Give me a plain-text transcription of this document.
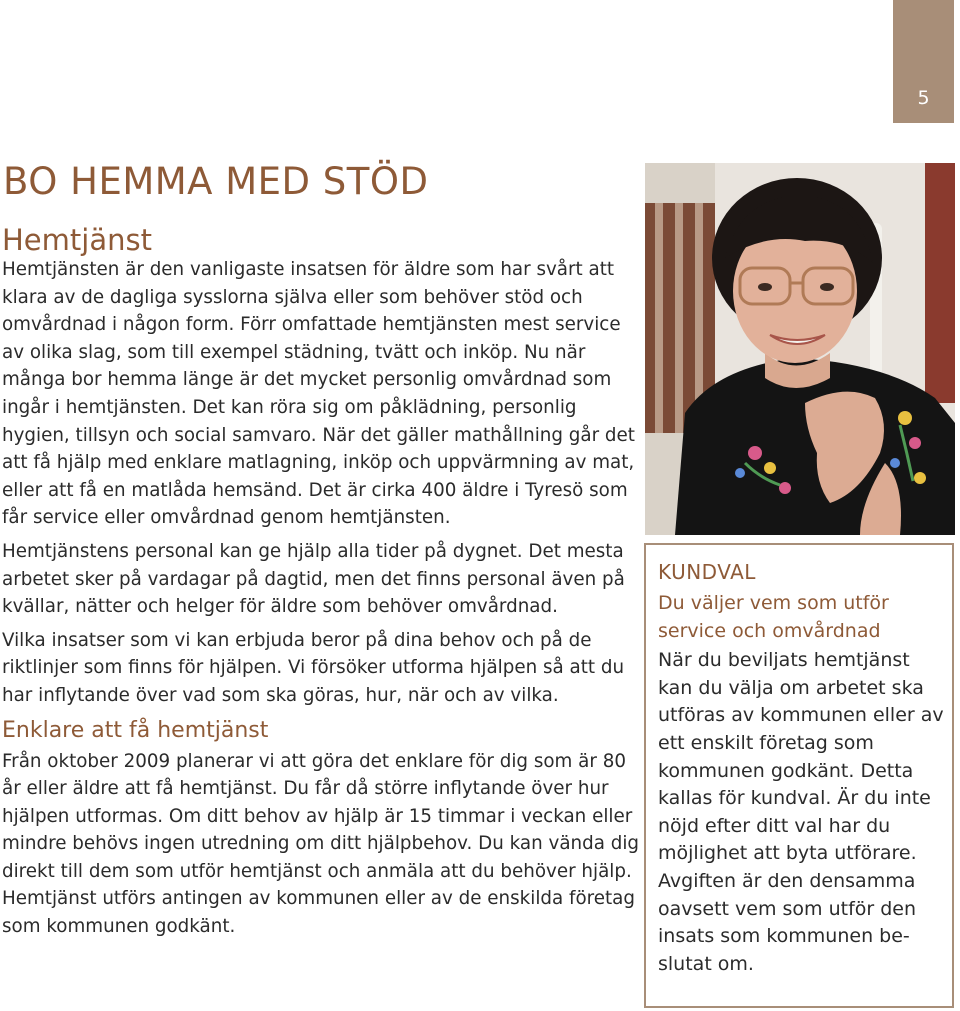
5
BO HEMMA MED STÖD
Hemtjänst

Hemtjänsten är den vanligaste insatsen för äldre som har svårt att klara av de dagliga sysslorna själva eller som behöver stöd och omvårdnad i någon form. Förr omfattade hemtjänsten mest service av olika slag, som till exempel städning, tvätt och inköp. Nu när många bor hemma länge är det mycket personlig omvårdnad som ingår i hemtjänsten. Det kan röra sig om påklädning, personlig hygien, tillsyn och social samvaro. När det gäller mathållning går det att få hjälp med enklare matlagning, inköp och uppvärmning av mat, eller att få en matlåda hemsänd. Det är cirka 400 äldre i Tyresö som får service eller omvårdnad genom hemtjänsten.

Hemtjänstens personal kan ge hjälp alla tider på dygnet. Det mesta arbetet sker på vardagar på dagtid, men det finns personal även på kvällar, nätter och helger för äldre som behöver omvårdnad.

Vilka insatser som vi kan erbjuda beror på dina behov och på de riktlinjer som finns för hjälpen. Vi försöker utforma hjälpen så att du har inflytande över vad som ska göras, hur, när och av vilka.

Enklare att få hemtjänst

Från oktober 2009 planerar vi att göra det enklare för dig som är 80 år eller äldre att få hemtjänst. Du får då större inflytande över hur hjälpen utformas. Om ditt behov av hjälp är 15 timmar i veckan eller mindre behövs ingen utredning om ditt hjälpbehov. Du kan vända dig direkt till dem som utför hemtjänst och anmäla att du behöver hjälp. Hemtjänst utförs antingen av kommunen eller av de enskilda företag som kommunen godkänt.

KUNDVAL
Du väljer vem som utför service och omvårdnad

När du beviljats hemtjänst kan du välja om arbetet ska utföras av kommunen eller av ett enskilt företag som kommunen godkänt. Detta kallas för kundval. Är du inte nöjd efter ditt val har du möjlighet att byta utförare. Avgiften är den densamma oavsett vem som utför den insats som kommunen beslutat om.
